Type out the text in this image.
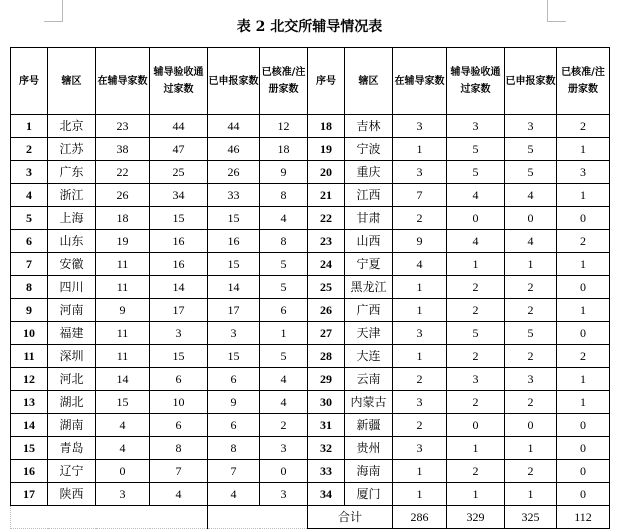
表 2 北交所辅导情况表
序号	辖区	在辅导家数	辅导验收通过家数	已申报家数	已核准/注册家数	序号	辖区	在辅导家数	辅导验收通过家数	已申报家数	已核准/注册家数
1	北京	23	44	44	12	18	吉林	3	3	3	2
2	江苏	38	47	46	18	19	宁波	1	5	5	1
3	广东	22	25	26	9	20	重庆	3	5	5	3
4	浙江	26	34	33	8	21	江西	7	4	4	1
5	上海	18	15	15	4	22	甘肃	2	0	0	0
6	山东	19	16	16	8	23	山西	9	4	4	2
7	安徽	11	16	15	5	24	宁夏	4	1	1	1
8	四川	11	14	14	5	25	黑龙江	1	2	2	0
9	河南	9	17	17	6	26	广西	1	2	2	1
10	福建	11	3	3	1	27	天津	3	5	5	0
11	深圳	11	15	15	5	28	大连	1	2	2	2
12	河北	14	6	6	4	29	云南	2	3	3	1
13	湖北	15	10	9	4	30	内蒙古	3	2	2	1
14	湖南	4	6	6	2	31	新疆	2	0	0	0
15	青岛	4	8	8	3	32	贵州	3	1	1	0
16	辽宁	0	7	7	0	33	海南	1	2	2	0
17	陕西	3	4	4	3	34	厦门	1	1	1	0
						合计		286	329	325	112
